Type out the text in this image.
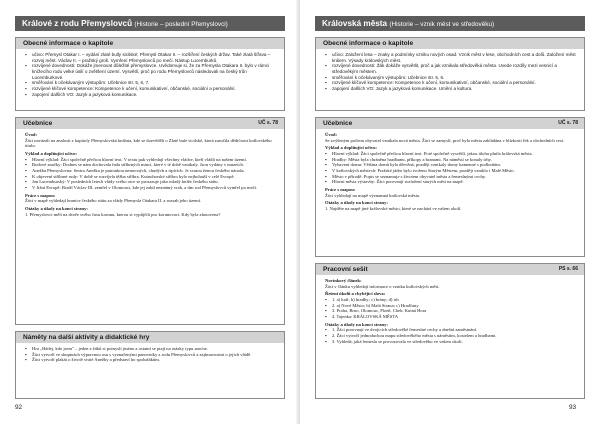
Králové z rodu Přemyslovců (Historie – poslední Přemyslovci)
Obecné informace o kapitole
▪ učivo: Přemysl Otakar I. – vydání zlaté bully sicilské; Přemysl Otakar II. – rozšíření českých držav. Také zlatá šířava – rozvoj měst. Václav II. – pražský groš. Vymření Přemyslovců po meči. Nástup Lucemburků.
▪ rozvíjené dovednosti: Dokáže jmenovat důležité přemyslovce. Uvědomuje si, že za Přemysla Otakara II. bylo v rámci knížecího rodu velké úsilí o zvětšení území. Vysvětlí, proč po rodu Přemyslovců následovali na český trůn Lucemburkové.
▪ směřování k očekávaným výstupům: Učebnice str. 5, 6, 7.
▪ rozvíjené klíčové kompetence: Kompetence k učení, komunikativní, občanské, sociální a personální.
▪ zapojení dalších VO: Jazyk a jazyková komunikace.
Učebnice	UČ s. 78
Úvod:
Žáci navázali na znalosti z kapitoly Přemyslovská knížata, kde se dozvěděli o Zlaté bule sicilské, která zaručila dědičnost královského titulu.
Výklad a doplňující učivo:
▪ Hlavní výklad: Žáci společně přečtou hlavní text. V textu pak vyhledají všechny vládce, kteří vládli na našem území.
▪ Bodové značky: Dodnes se nám dochovala řada stříbrných mincí, které v té době vznikaly. Jsou vydány v muzeích.
▪ Anežka Přemyslovna: Sestra Anežka je patronkou nemocných, chudých a trpících. Je svatou ženou českého národa.
▪ K objevení stříbrné rudy: V době se rozvíjela těžba stříbra. Kutnohorské stříbro bylo nejbohatší v celé Evropě.
▪ Jan Lucemburský: V posledních letech vlády svého otce se prosazuje jako mladý kníže českého státu.
▪ V Jižní Evropě: Bratří Václav III. zemřel v Olomouci, kde jej zabil neznámý vrah, a tím rod Přemyslovců vymřel po meči.
Práce s mapou:
Žáci v mapě vyhledají hranice českého státu za vlády Přemysla Otakara II. a rozsah jeho území.
Otázky a úkoly na konci strany:
1. Přemyslovci měli na dvoře svého času korunu, kterou si vypůjčili pro korunovaci. Kdy byla zhotovena?
Náměty na další aktivity a didaktické hry
▪ Hra „Hádej, kdo jsem" – jeden z žáků si pomyslí jméno a ostatní se ptají na otázky typu ano/ne.
▪ Žáci vytvoří ve skupinách výpravnou osu s vyznačenými panovníky z rodu Přemyslovců a zajímavostmi o jejich vládě.
▪ Žáci vytvoří plakát o životě svaté Anežky a představí ho spolužákům.
92
Královská města (Historie – vznik měst ve středověku)
Obecné informace o kapitole
▪ učivo: Založení lesa – znaky a podmínky vzniku nových osad. Vznik měst v lese, obchodních cest a dolů. Založení měst králem. Výsady královských měst.
▪ rozvíjené dovednosti: Žák dokáže vysvětlit, proč a jak vznikala středověká města. Uvede rozdíly mezi vesnicí a středověkým městem.
▪ směřování k očekávaným výstupům: Učebnice str. 5, 6.
▪ rozvíjené klíčové kompetence: Kompetence k učení, komunikativní, občanské, sociální a personální.
▪ zapojení dalších VO: Jazyk a jazyková komunikace. Umění a kultura.
Učebnice	UČ s. 78
Úvod:
Se zvýšeným počtem obyvatel vznikala nová města. Žáci se zamyslí, proč byla města zakládána v blízkosti řek a obchodních cest.
Výklad a doplňující učivo:
▪ Hlavní výklad: Žáci společně přečtou hlavní text. Poté společně vysvětlí, jakou úlohu plnila královská města.
▪ Hradby: Města byla chráněna hradbami, příkopy a branami. Na náměstí se konaly trhy.
▪ Vybavení domu: Většina domů byla dřevěná, později vznikaly domy kamenné s podloubím.
▪ V královských městech: Pražské jádro bylo tvořeno Starým Městem, později vzniklo i Malé Město.
▪ Město v přírodě: Popis se seznamuje s životem obyvatel města a řemeslnými cechy.
▪ Hlavní města výstavby: Žáci porovnají rozložení starých měst na mapě.
Práce s mapou:
Žáci vyhledají na mapě významná královská města.
Otázky a úkoly na konci strany:
1. Najděte na mapě jiné královské město, které se nachází ve vašem okolí.
Pracovní sešit	PS s. 66
Novinkový článek:
Žáci v článku vyhledají informace o vzniku královských měst.
Řešení úkolů a chybějící slova:
▪ 1. a) král; b) hradby; c) brány; d) trh
▪ 2. a) Nové Město; b) Malá Strana; c) Hradčany
▪ 3. Praha, Brno, Olomouc, Plzeň, Cheb, Kutná Hora
▪ 4. Tajenka: KRÁLOVSKÁ MĚSTA
Otázky a úkoly na konci strany:
▪ 1. Žáci porovnají ve dvojicích středověké řemeslné cechy a dnešní zaměstnání.
▪ 2. Žáci vytvoří jednoduchou mapu středověkého města s náměstím, kostelem a hradbami.
▪ 3. Vyhledá, jaká řemesla se provozovala ve středověku ve vašem okolí.
93
